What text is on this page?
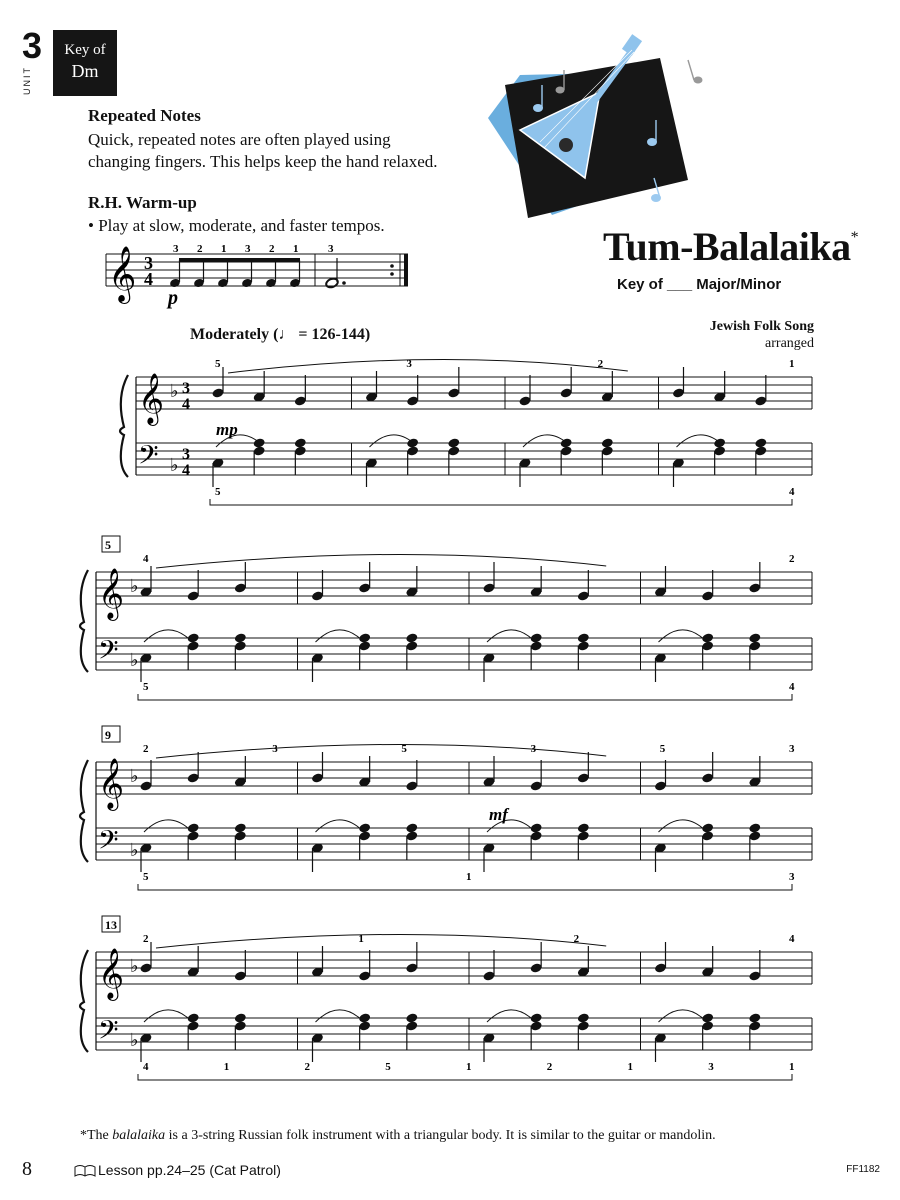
3
UNIT
Key of
Dm
Repeated Notes
Quick, repeated notes are often played using
changing fingers. This helps keep the hand relaxed.
R.H. Warm-up
• Play at slow, moderate, and faster tempos.
𝄞 3
4
3 2 1 3 2 1	3
p
Tum-Balalaika*
Key of ___ Major/Minor
Jewish Folk Song
arranged
Moderately (♩ = 126-144)
𝄞
𝄢
♭
♭
3
4
3
4
5	3	2	1
5	4
mp
𝄞
𝄢
♭
♭
5
4	2
5	4
𝄞
𝄢
♭
♭
9
2	3	5	3	5	3
5	1	3
mf
𝄞
𝄢
♭
♭
13
2	1	2	4
4	1	2	5	1	2	1	3	1
*The balalaika is a 3-string Russian folk instrument with a triangular body. It is similar to the guitar or mandolin.
8	Lesson pp.24–25 (Cat Patrol)	FF1182
